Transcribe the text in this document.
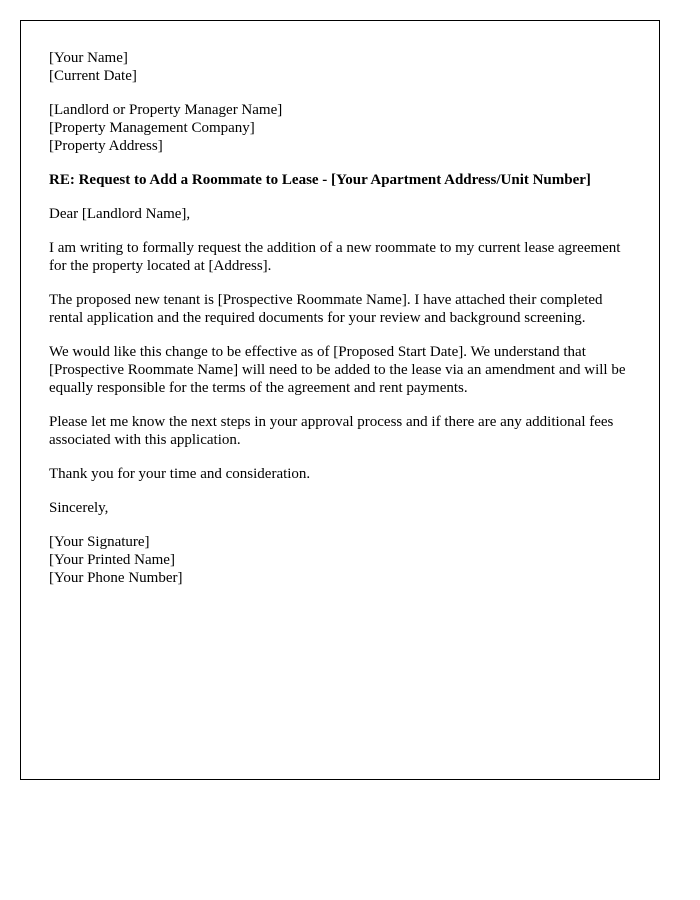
[Your Name]
[Current Date]
[Landlord or Property Manager Name]
[Property Management Company]
[Property Address]

RE: Request to Add a Roommate to Lease - [Your Apartment Address/Unit Number]

Dear [Landlord Name],

I am writing to formally request the addition of a new roommate to my current lease agreement for the property located at [Address].

The proposed new tenant is [Prospective Roommate Name]. I have attached their completed rental application and the required documents for your review and background screening.

We would like this change to be effective as of [Proposed Start Date]. We understand that [Prospective Roommate Name] will need to be added to the lease via an amendment and will be equally responsible for the terms of the agreement and rent payments.

Please let me know the next steps in your approval process and if there are any additional fees associated with this application.

Thank you for your time and consideration.

Sincerely,

[Your Signature]
[Your Printed Name]
[Your Phone Number]
